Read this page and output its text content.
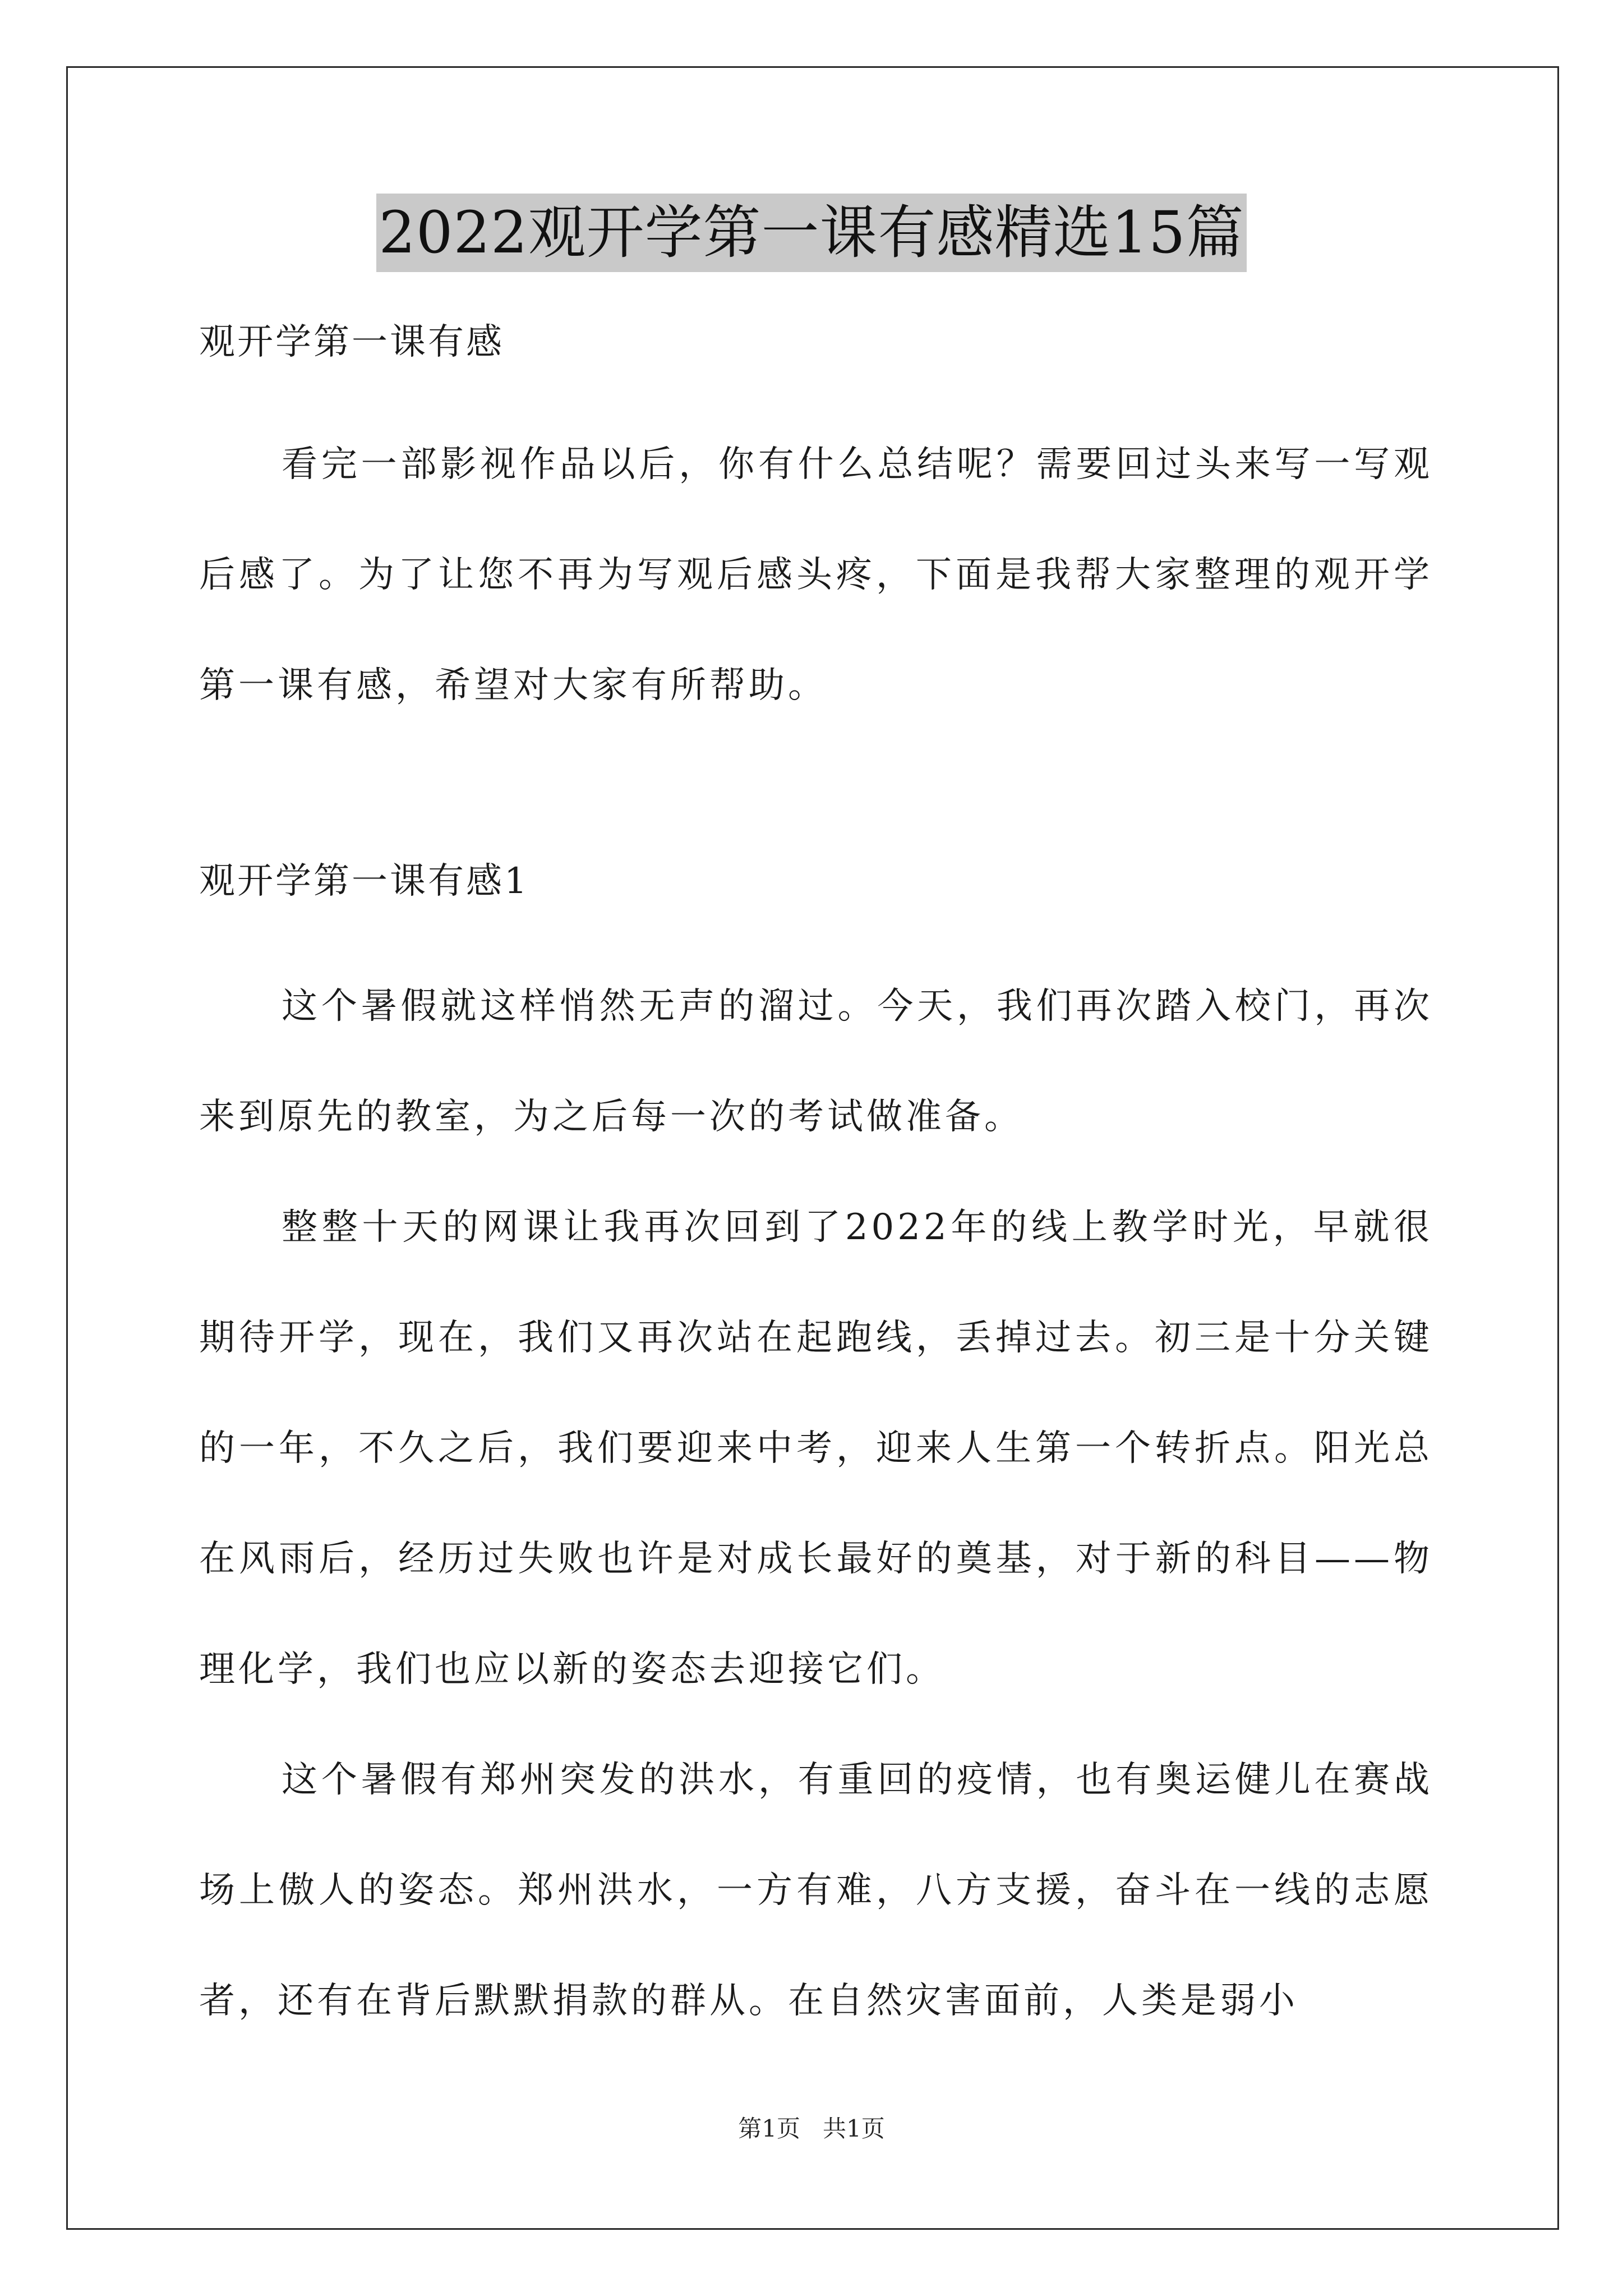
2022观开学第一课有感精选15篇
观开学第一课有感

看完一部影视作品以后，你有什么总结呢？需要回过头来写一写观后感了。为了让您不再为写观后感头疼，下面是我帮大家整理的观开学第一课有感，希望对大家有所帮助。

观开学第一课有感1

这个暑假就这样悄然无声的溜过。今天，我们再次踏入校门，再次来到原先的教室，为之后每一次的考试做准备。

整整十天的网课让我再次回到了2022年的线上教学时光，早就很期待开学，现在，我们又再次站在起跑线，丢掉过去。初三是十分关键的一年，不久之后，我们要迎来中考，迎来人生第一个转折点。阳光总在风雨后，经历过失败也许是对成长最好的奠基，对于新的科目——物理化学，我们也应以新的姿态去迎接它们。

这个暑假有郑州突发的洪水，有重回的疫情，也有奥运健儿在赛战场上傲人的姿态。郑州洪水，一方有难，八方支援，奋斗在一线的志愿者，还有在背后默默捐款的群从。在自然灾害面前，人类是弱小

第1页 共1页
